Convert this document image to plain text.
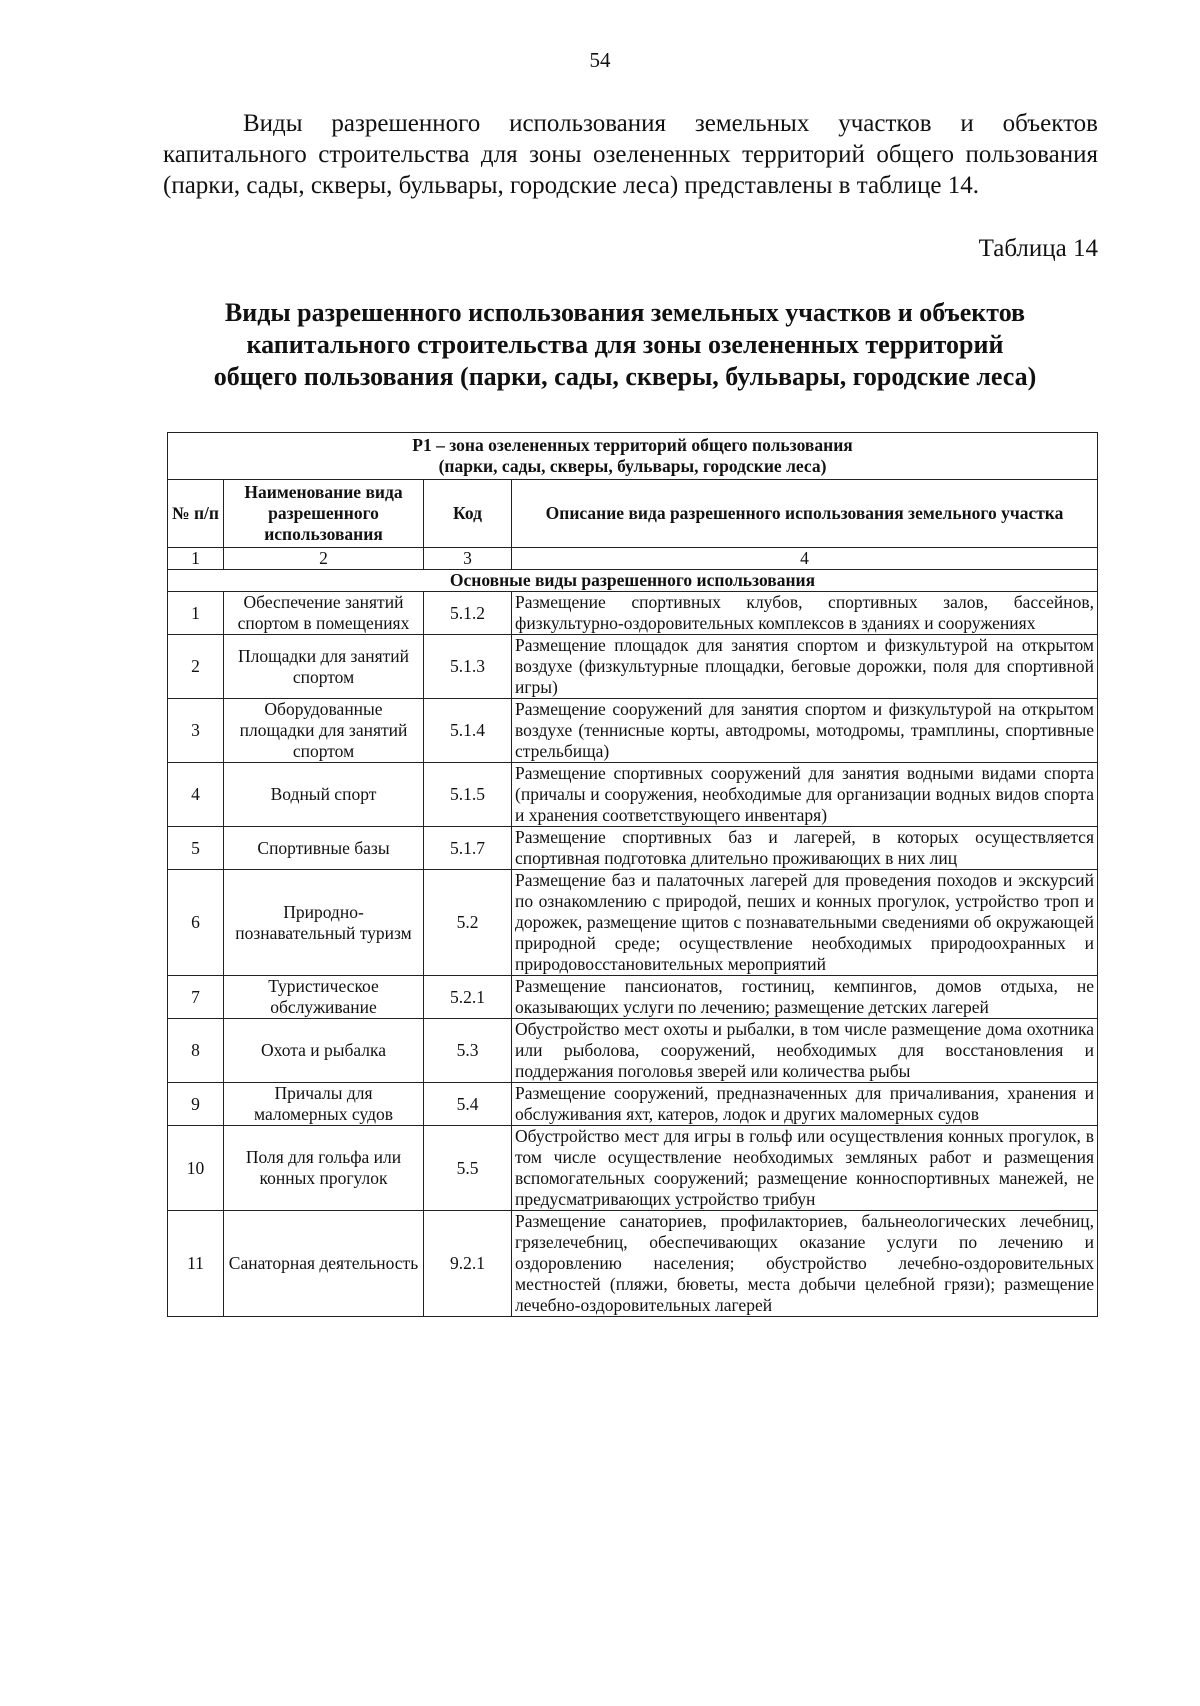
54

Виды разрешенного использования земельных участков и объектов капитального строительства для зоны озелененных территорий общего пользования (парки, сады, скверы, бульвары, городские леса) представлены в таблице 14.

Таблица 14
Виды разрешенного использования земельных участков и объектов
капитального строительства для зоны озелененных территорий
общего пользования (парки, сады, скверы, бульвары, городские леса)
Р1 – зона озелененных территорий общего пользования
(парки, сады, скверы, бульвары, городские леса)			

№ п/п	Наименование вида разрешенного использования	Код	Описание вида разрешенного использования земельного участка
1	2	3	4
Основные виды разрешенного использования			
1	Обеспечение занятий спортом в помещениях	5.1.2	Размещение спортивных клубов, спортивных залов, бассейнов, физкультурно-оздоровительных комплексов в зданиях и сооружениях
2	Площадки для занятий спортом	5.1.3	Размещение площадок для занятия спортом и физкультурой на открытом воздухе (физкультурные площадки, беговые дорожки, поля для спортивной игры)
3	Оборудованные площадки для занятий спортом	5.1.4	Размещение сооружений для занятия спортом и физкультурой на открытом воздухе (теннисные корты, автодромы, мотодромы, трамплины, спортивные стрельбища)
4	Водный спорт	5.1.5	Размещение спортивных сооружений для занятия водными видами спорта (причалы и сооружения, необходимые для организации водных видов спорта и хранения соответствующего инвентаря)
5	Спортивные базы	5.1.7	Размещение спортивных баз и лагерей, в которых осуществляется спортивная подготовка длительно проживающих в них лиц
6	Природно-познавательный туризм	5.2	Размещение баз и палаточных лагерей для проведения походов и экскурсий по ознакомлению с природой, пеших и конных прогулок, устройство троп и дорожек, размещение щитов с познавательными сведениями об окружающей природной среде; осуществление необходимых природоохранных и природовосстановительных мероприятий
7	Туристическое обслуживание	5.2.1	Размещение пансионатов, гостиниц, кемпингов, домов отдыха, не оказывающих услуги по лечению; размещение детских лагерей
8	Охота и рыбалка	5.3	Обустройство мест охоты и рыбалки, в том числе размещение дома охотника или рыболова, сооружений, необходимых для восстановления и поддержания поголовья зверей или количества рыбы
9	Причалы для маломерных судов	5.4	Размещение сооружений, предназначенных для причаливания, хранения и обслуживания яхт, катеров, лодок и других маломерных судов
10	Поля для гольфа или конных прогулок	5.5	Обустройство мест для игры в гольф или осуществления конных прогулок, в том числе осуществление необходимых земляных работ и размещения вспомогательных сооружений; размещение конноспортивных манежей, не предусматривающих устройство трибун
11	Санаторная деятельность	9.2.1	Размещение санаториев, профилакториев, бальнеологических лечебниц, грязелечебниц, обеспечивающих оказание услуги по лечению и оздоровлению населения; обустройство лечебно-оздоровительных местностей (пляжи, бюветы, места добычи целебной грязи); размещение лечебно-оздоровительных лагерей
